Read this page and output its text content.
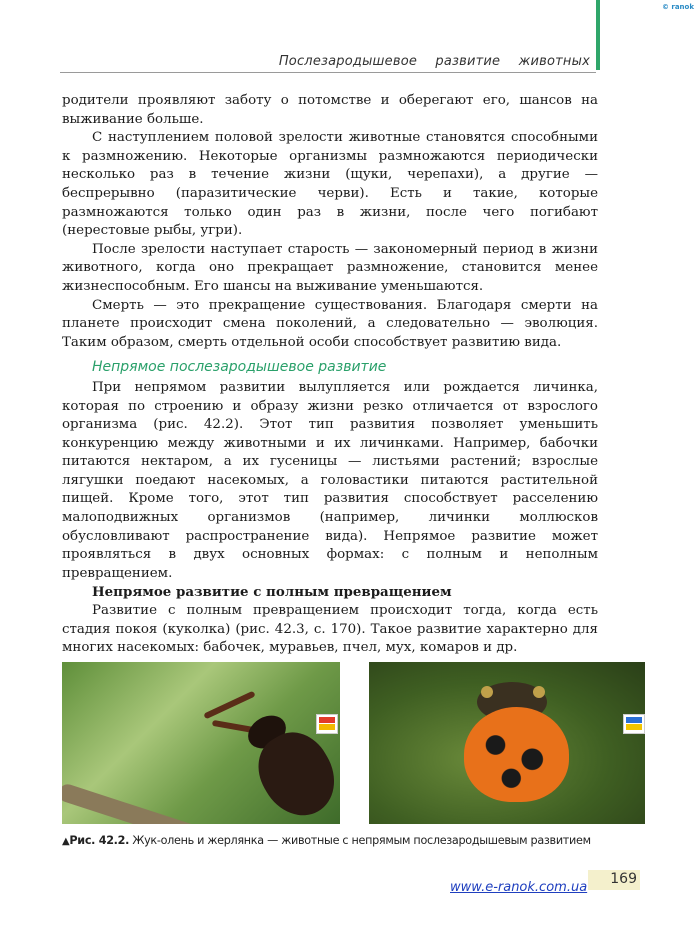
© ranok
Послезародышевое развитие животных

родители проявляют заботу о потомстве и оберегают его, шансов на выживание больше.

С наступлением половой зрелости животные становятся способными к размножению. Некоторые организмы размножаются периодически несколько раз в течение жизни (щуки, черепахи), а другие — беспрерывно (паразитические черви). Есть и такие, которые размножаются только один раз в жизни, после чего погибают (нерестовые рыбы, угри).

После зрелости наступает старость — закономерный период в жизни животного, когда оно прекращает размножение, становится менее жизнеспособным. Его шансы на выживание уменьшаются.

Смерть — это прекращение существования. Благодаря смерти на планете происходит смена поколений, а следовательно — эволюция. Таким образом, смерть отдельной особи способствует развитию вида.

Непрямое послезародышевое развитие

При непрямом развитии вылупляется или рождается личинка, которая по строению и образу жизни резко отличается от взрослого организма (рис. 42.2). Этот тип развития позволяет уменьшить конкуренцию между животными и их личинками. Например, бабочки питаются нектаром, а их гусеницы — листьями растений; взрослые лягушки поедают насекомых, а головастики питаются растительной пищей. Кроме того, этот тип развития способствует расселению малоподвижных организмов (например, личинки моллюсков обусловливают распространение вида). Непрямое развитие может проявляться в двух основных формах: с полным и неполным превращением.

Непрямое развитие с полным превращением

Развитие с полным превращением происходит тогда, когда есть стадия покоя (куколка) (рис. 42.3, с. 170). Такое развитие характерно для многих насекомых: бабочек, муравьев, пчел, мух, комаров и др.

▲Рис. 42.2. Жук-олень и жерлянка — животные с непрямым послезародышевым развитием
169
www.e-ranok.com.ua
